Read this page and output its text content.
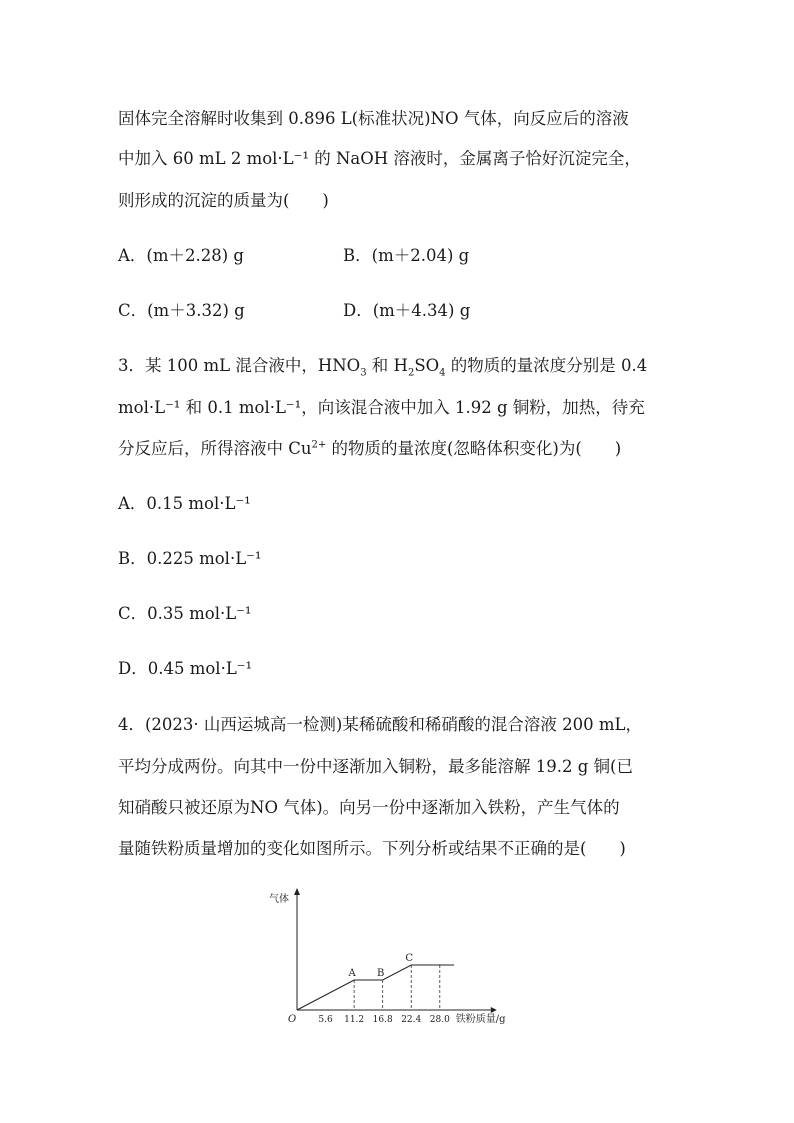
固体完全溶解时收集到 0.896 L(标准状况)NO 气体，向反应后的溶液
中加入 60 mL 2 mol·L⁻¹ 的 NaOH 溶液时，金属离子恰好沉淀完全，
则形成的沉淀的质量为(　　)
A．(m＋2.28) g	B．(m＋2.04) g
C．(m＋3.32) g	D．(m＋4.34) g
3．某 100 mL 混合液中，$HNO_3$ 和 $H_2SO_4$ 的物质的量浓度分别是 0.4
mol·L⁻¹ 和 0.1 mol·L⁻¹，向该混合液中加入 1.92 g 铜粉，加热，待充
分反应后，所得溶液中 $Cu^{2+}$ 的物质的量浓度(忽略体积变化)为(　　)
A．0.15 mol·L⁻¹
B．0.225 mol·L⁻¹
C．0.35 mol·L⁻¹
D．0.45 mol·L⁻¹
4．(2023· 山西运城高一检测)某稀硫酸和稀硝酸的混合溶液 200 mL，
平均分成两份。向其中一份中逐渐加入铜粉，最多能溶解 19.2 g 铜(已
知硝酸只被还原为NO 气体)。向另一份中逐渐加入铁粉，产生气体的
量随铁粉质量增加的变化如图所示。下列分析或结果不正确的是(　　)
A B
C
5.6 11.2 16.8 22.4 28.0
O
气体
铁粉质量/g
